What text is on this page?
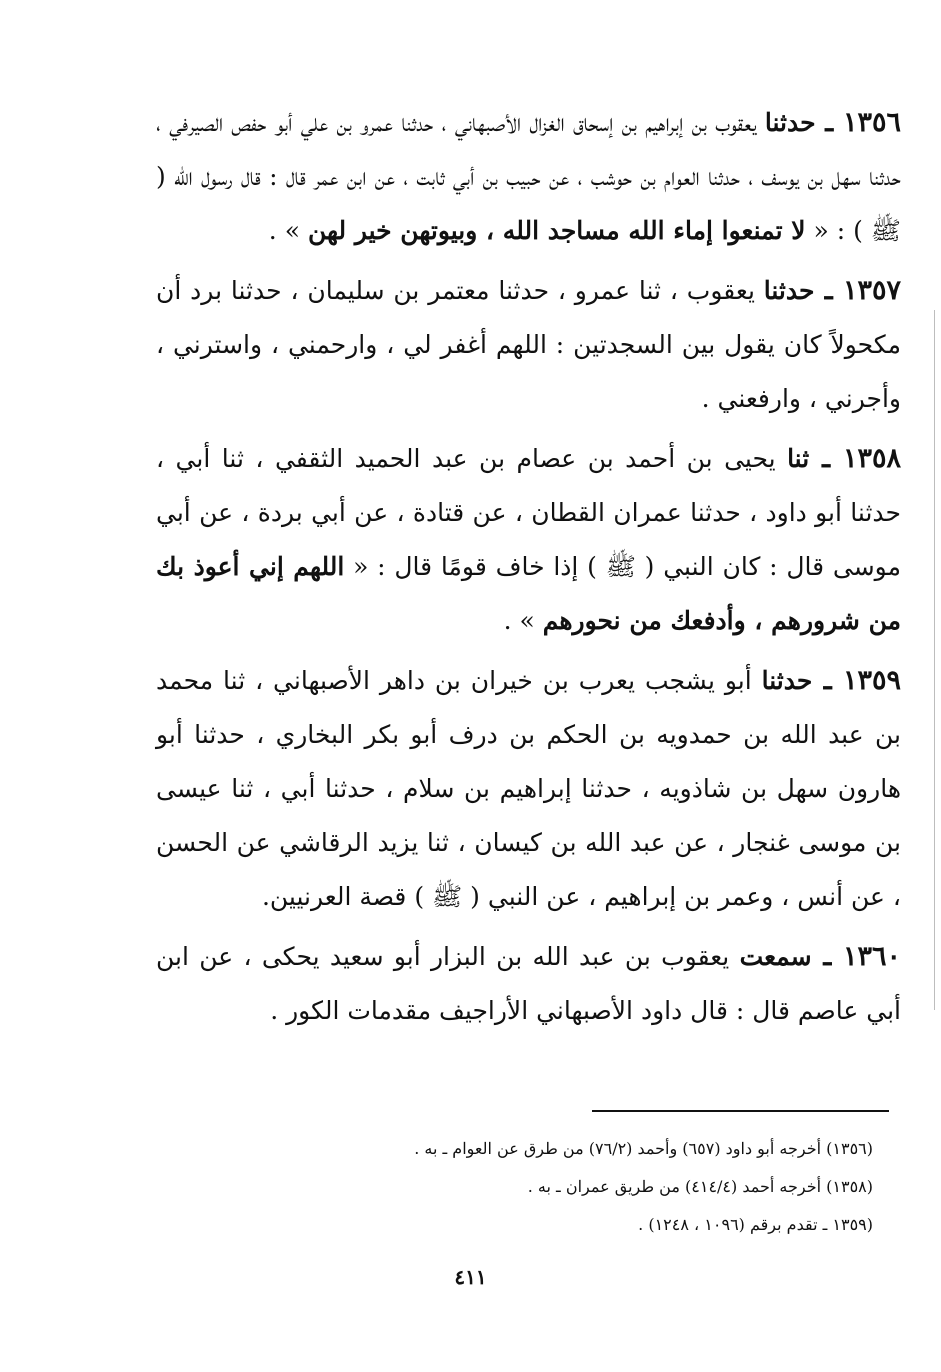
١٣٥٦ ـ حدثنا يعقوب بن إبراهيم بن إسحاق الغزال الأصبهاني ، حدثنا عمرو بن علي أبو حفص الصيرفي ، حدثنا سهل بن يوسف ، حدثنا العوام بن حوشب ، عن حبيب بن أبي ثابت ، عن ابن عمر قال : قال رسول الله ( ﷺ ) : « لا تمنعوا إماء الله مساجد الله ، وبيوتهن خير لهن » .

١٣٥٧ ـ حدثنا يعقوب ، ثنا عمرو ، حدثنا معتمر بن سليمان ، حدثنا برد أن مكحولاً كان يقول بين السجدتين : اللهم أغفر لي ، وارحمني ، واسترني ، وأجرني ، وارفعني .

١٣٥٨ ـ ثنا يحيى بن أحمد بن عصام بن عبد الحميد الثقفي ، ثنا أبي ، حدثنا أبو داود ، حدثنا عمران القطان ، عن قتادة ، عن أبي بردة ، عن أبي موسى قال : كان النبي ( ﷺ ) إذا خاف قومًا قال : « اللهم إني أعوذ بك من شرورهم ، وأدفعك من نحورهم » .

١٣٥٩ ـ حدثنا أبو يشجب يعرب بن خيران بن داهر الأصبهاني ، ثنا محمد بن عبد الله بن حمدويه بن الحكم بن درف أبو بكر البخاري ، حدثنا أبو هارون سهل بن شاذويه ، حدثنا إبراهيم بن سلام ، حدثنا أبي ، ثنا عيسى بن موسى غنجار ، عن عبد الله بن كيسان ، ثنا يزيد الرقاشي عن الحسن ، عن أنس ، وعمر بن إبراهيم ، عن النبي ( ﷺ ) قصة العرنيين.

١٣٦٠ ـ سمعت يعقوب بن عبد الله بن البزار أبو سعيد يحكى ، عن ابن أبي عاصم قال : قال داود الأصبهاني الأراجيف مقدمات الكور .

(١٣٥٦) أخرجه أبو داود (٦٥٧) وأحمد (٧٦/٢) من طرق عن العوام ـ به .

(١٣٥٨) أخرجه أحمد (٤١٤/٤) من طريق عمران ـ به .

(١٣٥٩ ـ تقدم برقم (١٠٩٦ ، ١٢٤٨) .

٤١١
